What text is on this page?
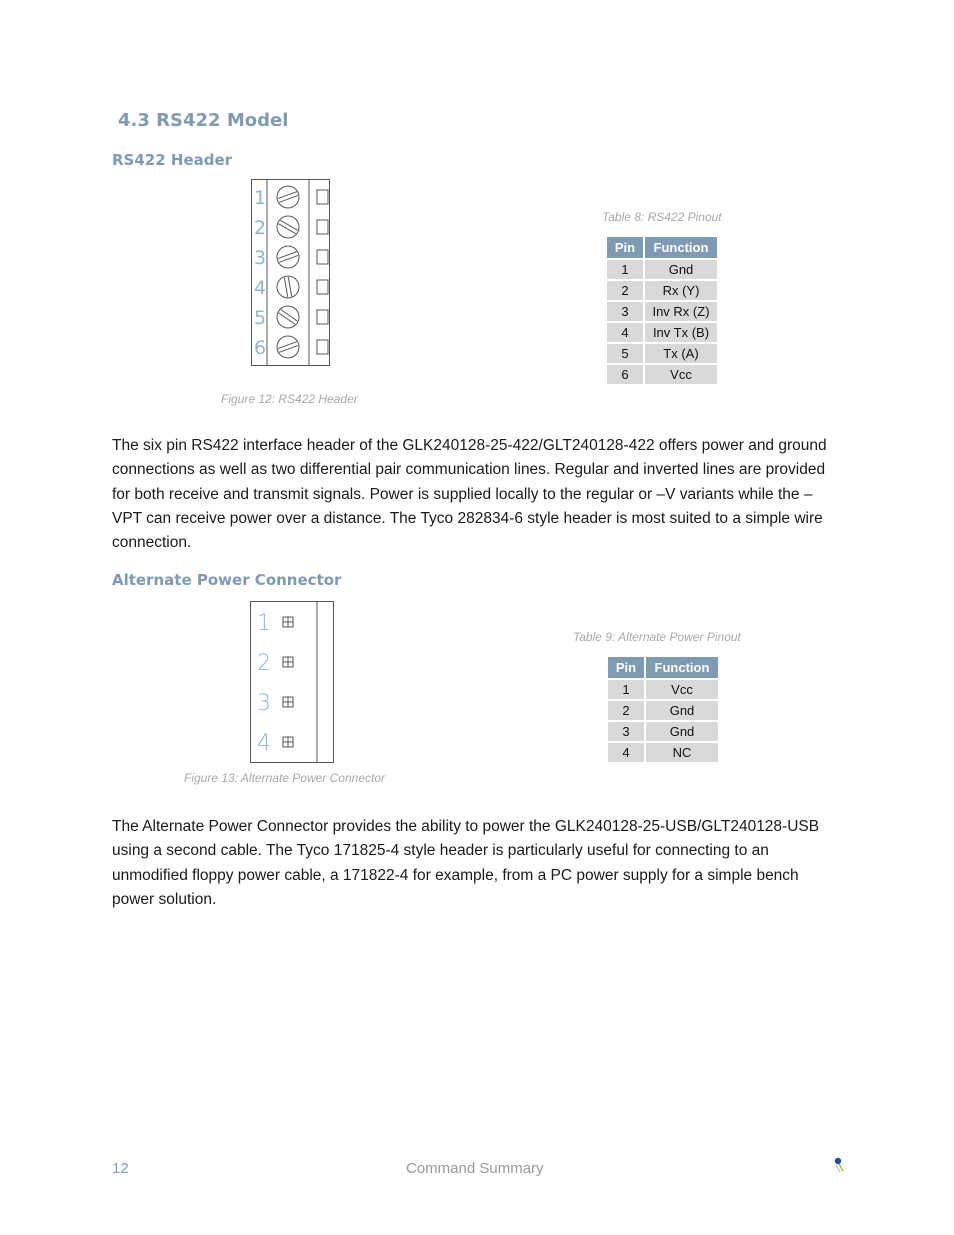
4.3 RS422 Model
RS422 Header
1
2
3
4
5
6
Figure 12: RS422 Header
Table 8: RS422 Pinout
Pin	Function
1	Gnd
2	Rx (Y)
3	Inv Rx (Z)
4	Inv Tx (B)
5	Tx (A)
6	Vcc

The six pin RS422 interface header of the GLK240128-25-422/GLT240128-422 offers power and ground connections as well as two differential pair communication lines. Regular and inverted lines are provided for both receive and transmit signals. Power is supplied locally to the regular or –V variants while the –VPT can receive power over a distance. The Tyco 282834-6 style header is most suited to a simple wire connection.

Alternate Power Connector
1
2
3
4
Figure 13: Alternate Power Connector
Table 9: Alternate Power Pinout
Pin	Function
1	Vcc
2	Gnd
3	Gnd
4	NC

The Alternate Power Connector provides the ability to power the GLK240128-25-USB/GLT240128-USB using a second cable. The Tyco 171825-4 style header is particularly useful for connecting to an unmodified floppy power cable, a 171822-4 for example, from a PC power supply for a simple bench power solution.

12	Command Summary
